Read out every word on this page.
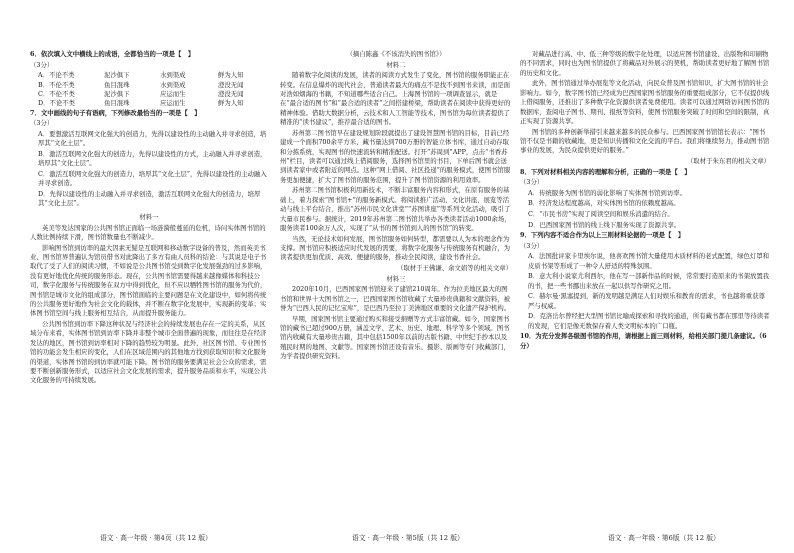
6．依次填入文中横线上的成语，全都恰当的一项是【　】

（3分）

A．不论不类	泥沙俱下	水到渠成	鲜为人知
B．不伦不类	鱼目混珠	水到渠成	澄没无闻
C．不伦不类	泥沙俱下	应运而生	澄没无闻
D．不论不类	鱼目混珠	应运而生	鲜为人知

7．文中画线的句子有语病，下列修改最恰当的一项是【　】

（3分）

A．要想激活互联网文化强大的创造力，先得以建设性的主动融入并寻求创造，培厚其“文化土层”。

B．激活互联网文化强大的创造力，先得以建设性的方式，主动融入并寻求创造，培厚其“文化土层”。

C．激活互联网文化强大的创造力，培厚其“文化土层”，先得以建设性的主动融入并寻求创造。

D．先得以建设性的主动融入并寻求创造，激活互联网文化强大的创造力，培厚其“文化土层”。

材料一

英美等发达国家的公共图书馆正面临一场涟漪般蔓延的危机，诗问实体图书馆的人数比例持续下滑，图书馆数量也不断减少。

影响图书馆到访率的最大因素无疑是互联网和移动数字设备的普及，然而英美书业、图书馆界普遍认为馆员借书对此降出了多方有曲人员科的结论：与其说是电子书取代了受了人们的阅读习惯，不如说是公共图书馆受到数字化发展强劲的过多影响，没有更好地优化传统的服务形态。现在，公共图书馆需要得越来越像媒体和科技公司，数字化服务与传统服务在双方中得到优化，但不应以牺牲图书馆的服务为代价，图书馆是城市文化的组成部分，图书馆面临的主要问题是在文化建设中，如何将传统的公共服务更好地作为社会文化的载体，并不断在数字化发展中，实现新的变革；实体图书馆空间与线上服务相互结合，从而提升服务能力。

公共图书馆到访率下降这种状况与经济社会的持续发展也存在一定的关系，从区域分布来看，实体图书馆到访率下降并非整个城市全面普遍的现象，而往往是在经济发达的地区，图书馆到访率相对下降的趋势较为明显。此外，社区图书馆、专业图书馆的功能会发生相应的变化，人们在区域范围内的其他地方找到获取知识和文化服务的渠道，实体图书馆的到访率就可能下降。图书馆的服务要满足社会公众的需求，需要不断创新服务形式，以适应社会文化发展的需求，提升服务品质和水平，实现公共文化服务的可持续发展。

（摘自陈鑫《不该消失的图书馆》）

材料二

随着数字化阅读的发展，读者的阅读方式发生了变化，图书馆的服务职能正在转变。在信息爆炸的现代社会，普通读者最大的痛点不是找不到图书来读，而是面对浩如烟海的书籍，不知道哪些适合自己。上海图书馆的一项调查显示，就是在“最合适的图书”和“最合适的读者”之间搭建桥梁，帮助读者在阅读中获得更好的精神体验。借助大数据分析，云技术和人工智能等技术，图书馆为每位读者提供了精准的“读书建议”，推荐最合适的图书。

苏州第二图书馆早在建设规划阶段就提出了建设智慧图书馆的目标，目前已经建成一个面积700余平方米、藏书量达到700万册的智能立体书库，通过自动存取和分拣系统，实现图书的快速流转和精准配送。打开“苏周到”APP，点击“书香苏州”栏目，读者可以通过线上借阅服务，选择图书馆里的书目，下单后图书就会送到读者家中或者附近的网点。这种“网上借阅、社区投递”的服务模式，使图书馆服务更加便捷，扩大了图书馆的服务范围，提升了图书馆资源的利用效率。

苏州第二图书馆积极利用新技术，不断丰富服务内容和形式，在原有服务的基础上，着力探索“图书馆+”的服务新模式。将阅读推广活动、文化讲座、展览等活动与线上平台结合，推出“苏州市民文化讲堂”“苏图讲座”等系列文化活动，吸引了大量市民参与。据统计，2019年苏州第二图书馆共举办各类读者活动1000余场，服务读者100余万人次，实现了“从书的图书馆到人的图书馆”的转变。

当然，无论技术如何发展，图书馆服务如何转型，都需要以人为本的理念作为支撑。图书馆应积极适应时代发展的需要，将数字化服务与传统服务有机融合，为读者提供更加优质、高效、便捷的服务，推动全民阅读，建设书香社会。

（取材于王佛谦、余文娟等的相关文章）

材料三

2020年10月，巴西国家图书馆迎来了建馆210周年。作为拉美地区最大的图书馆和世界十大图书馆之一，巴西国家图书馆收藏了大量珍贵典籍和文献资料，被誉为“巴西人民的记忆宝库”，是巴西乃至拉丁美洲地区重要的文化遗产保护机构。

早期，国家图书馆主要通过购买和接受捐赠等方式丰富馆藏。如今，国家图书馆的藏书已超过900万册，涵盖文学、艺术、历史、地理、科学等多个领域。图书馆内收藏有大量珍贵古籍，其中包括1500年以前的古版书籍、中世纪手抄本以及殖民时期的地图、文献等。国家图书馆还设有音乐、摄影、版画等专门收藏部门，为学者提供研究资料。

对藏品进行高、中、低三种等级的数字化处理，以适应图书馆建设、出版物和印刷物的不同需求，同时也为图书馆提供了将藏品对外展示的契机，帮助读者更好地了解图书馆的历史和文化。

此外，图书馆通过举办展览等文化活动，向民众普及图书馆知识，扩大图书馆的社会影响力。如今，数字图书馆已经成为巴西国家图书馆服务的重要组成部分，它不仅提供线上借阅服务，还推出了多种数字化资源供读者免费使用。读者可以通过网络访问图书馆的数据库，查阅电子图书、期刊、报纸等资料，使图书馆服务突破了时间和空间的限制，真正实现了资源共享。

图书馆的多种创新举措引来越来越多的民众参与。巴西国家图书馆馆长表示：“图书馆不仅是书籍的收藏地，更是知识传播和文化交流的平台。我们将继续努力，推动图书馆事业的发展，为民众提供更好的服务。”

（取材于朱东君的相关文章）

8．下列对材料相关内容的理解和分析，正确的一项是【　】

（3分）

A．传统服务为图书馆的弱化影响了实体图书馆到访率。

B．经济发达程度越高，对实体图书馆的依赖度越高。

C．“市民书房”实现了阅读空间和娱乐消遣的结合。

D．巴西国家图书馆的线上线下服务实现了资源共享。

9．下列内容不适合作为以上三则材料论据的一项是【　】

（3分）

A．法国批评家卡里埃尔说，他喜欢图书馆大量使用木质材料的老式配置，绿色灯罩和皮质书架等形成了一种令人舒适的特殊氛围。

B．意大利小说家尤利西尔，他在写一部新作品的时候，常常要打造原来的书架放置我的书，把一些书挪出来放在一起以供写作研究之用。

C．赫尔曼·黑塞提到，新的发明越是满足人们对娱乐和教育的需求，书也越将重获尊严与权威。

D．克洛岳尔曾经把大型图书馆比喻成探索和寻找的通道，所有藏书都在那里等待读者的发现，它们是像无数保存着人类文明标本的广口瓶。

10．为充分发挥各级图书馆的作用，请根据上面三则材料，给相关部门提几条建议。（6分）

语文 · 高一年级 · 第4页（共 12 版）	语文 · 高一年级 · 第5版（共 12 版）	语文 · 高一年级 · 第6版（共 12 版）
